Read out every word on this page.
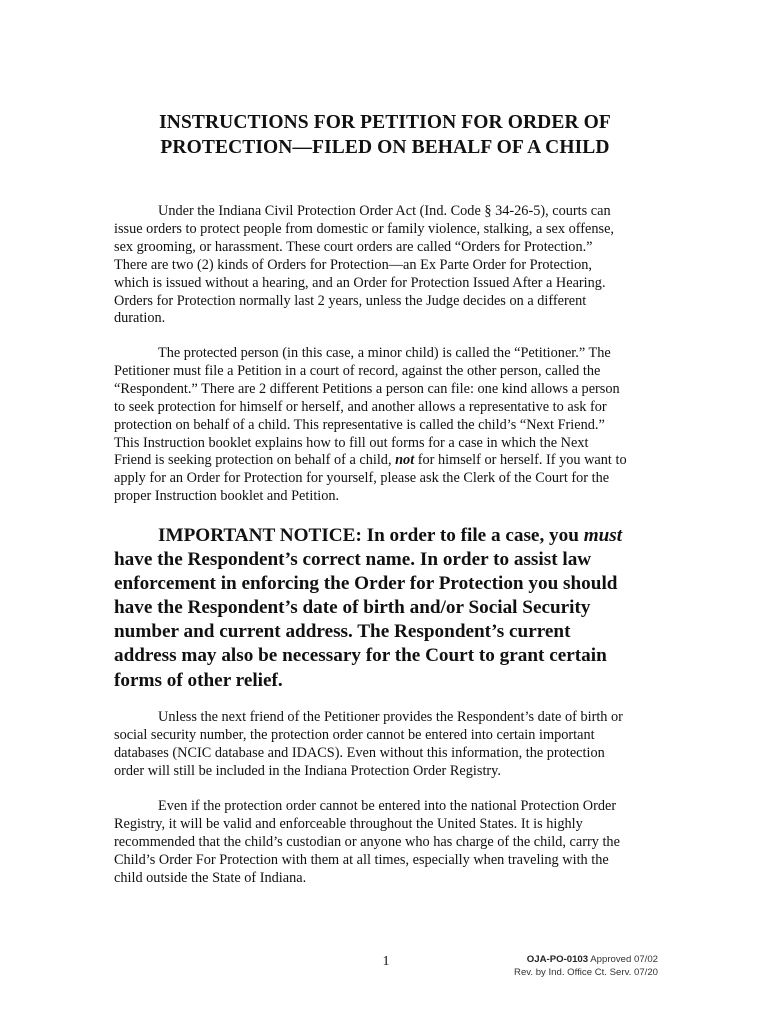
INSTRUCTIONS FOR PETITION FOR ORDER OF
PROTECTION—FILED ON BEHALF OF A CHILD
Under the Indiana Civil Protection Order Act (Ind. Code § 34-26-5), courts can
issue orders to protect people from domestic or family violence, stalking, a sex offense,
sex grooming, or harassment. These court orders are called “Orders for Protection.”
There are two (2) kinds of Orders for Protection—an Ex Parte Order for Protection,
which is issued without a hearing, and an Order for Protection Issued After a Hearing.
Orders for Protection normally last 2 years, unless the Judge decides on a different
duration.
The protected person (in this case, a minor child) is called the “Petitioner.” The
Petitioner must file a Petition in a court of record, against the other person, called the
“Respondent.” There are 2 different Petitions a person can file: one kind allows a person
to seek protection for himself or herself, and another allows a representative to ask for
protection on behalf of a child. This representative is called the child’s “Next Friend.”
This Instruction booklet explains how to fill out forms for a case in which the Next
Friend is seeking protection on behalf of a child, not for himself or herself. If you want to
apply for an Order for Protection for yourself, please ask the Clerk of the Court for the
proper Instruction booklet and Petition.
IMPORTANT NOTICE: In order to file a case, you must
have the Respondent’s correct name. In order to assist law
enforcement in enforcing the Order for Protection you should
have the Respondent’s date of birth and/or Social Security
number and current address. The Respondent’s current
address may also be necessary for the Court to grant certain
forms of other relief.
Unless the next friend of the Petitioner provides the Respondent’s date of birth or
social security number, the protection order cannot be entered into certain important
databases (NCIC database and IDACS). Even without this information, the protection
order will still be included in the Indiana Protection Order Registry.
Even if the protection order cannot be entered into the national Protection Order
Registry, it will be valid and enforceable throughout the United States. It is highly
recommended that the child’s custodian or anyone who has charge of the child, carry the
Child’s Order For Protection with them at all times, especially when traveling with the
child outside the State of Indiana.
1	OJA-PO-0103 Approved 07/02
Rev. by Ind. Office Ct. Serv. 07/20
